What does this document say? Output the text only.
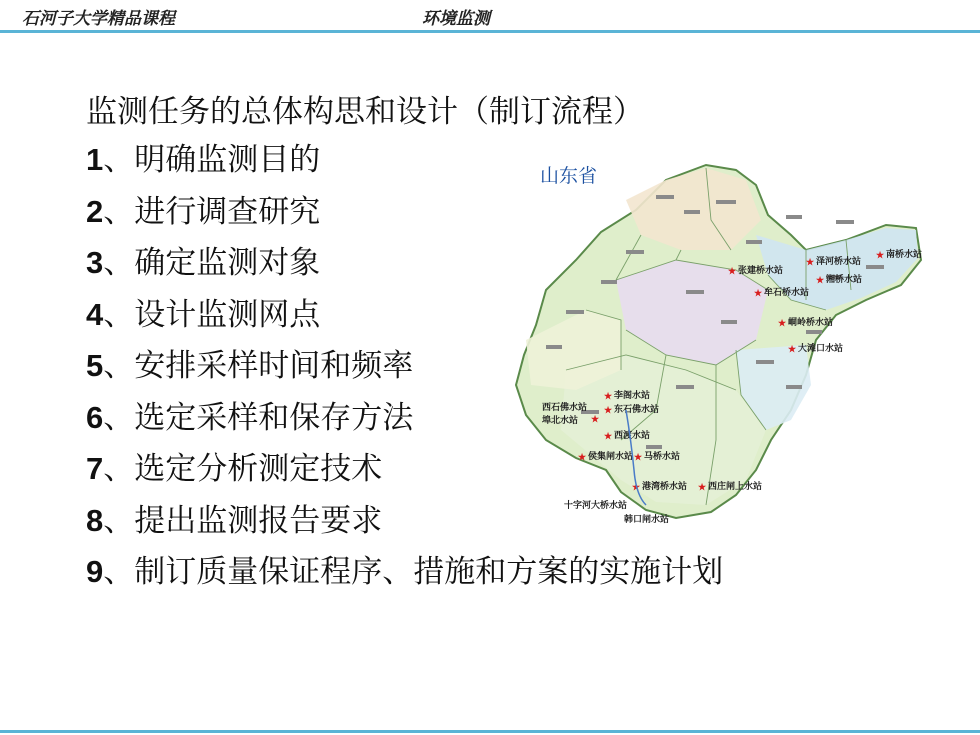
石河子大学精品课程	环境监测
监测任务的总体构思和设计（制订流程）
1、明确监测目的
2、进行调查研究
3、确定监测对象
4、设计监测网点
5、安排采样时间和频率
6、选定采样和保存方法
7、选定分析测定技术
8、提出监测报告要求
9、制订质量保证程序、措施和方案的实施计划
山东省
★ 张建桥水站
★ 泽河桥水站
★ 南桥水站
★ 湘桥水站
★ 牟石桥水站
★ 峒岭桥水站
★ 大滩口水站
★ 李阁水站
★ 东石佛水站
西石佛水站
★
埠北水站
★ 西渡水站
★ 侯集闸水站 ★ 马桥水站
★ 港湾桥水站 ★ 西庄闸上水站
十字河大桥水站
韩口闸水站
